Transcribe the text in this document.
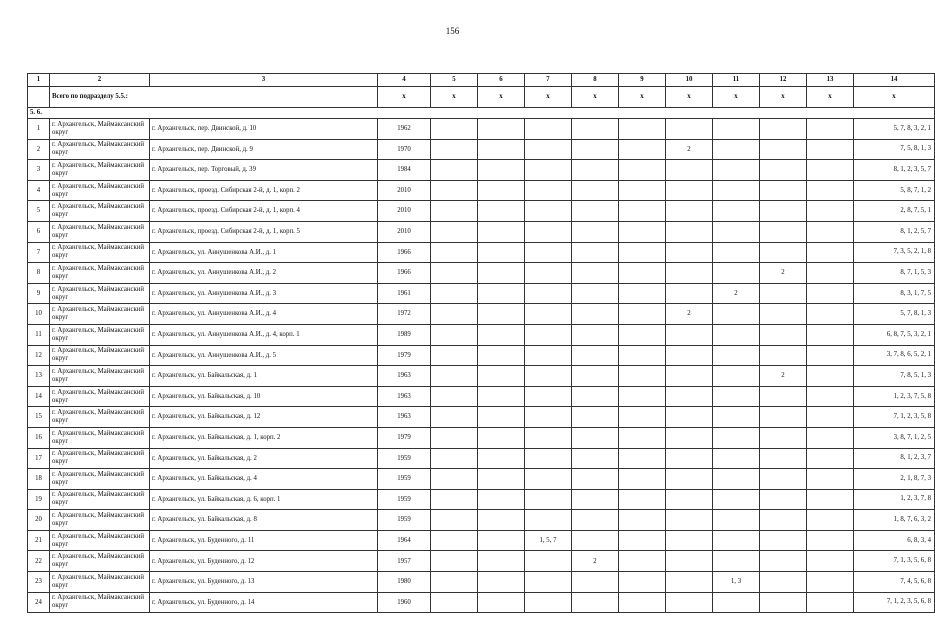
156
1	2	3	4	5	6	7	8	9	10	11	12	13	14
	Всего по подразделу 5.5.:		x	x	x	x	x	x	x	x	x	x	x
5. 6.													
1	г. Архангельск, Маймаксанский округ	г. Архангельск, пер. Двинской, д. 10	1962										5, 7, 8, 3, 2, 1
2	г. Архангельск, Маймаксанский округ	г. Архангельск, пер. Двинской, д. 9	1970						2				7, 5, 8, 1, 3
3	г. Архангельск, Маймаксанский округ	г. Архангельск, пер. Торговый, д. 39	1984										8, 1, 2, 3, 5, 7
4	г. Архангельск, Маймаксанский округ	г. Архангельск, проезд. Сибирская 2-й, д. 1, корп. 2	2010										5, 8, 7, 1, 2
5	г. Архангельск, Маймаксанский округ	г. Архангельск, проезд. Сибирская 2-й, д. 1, корп. 4	2010										2, 8, 7, 5, 1
6	г. Архангельск, Маймаксанский округ	г. Архангельск, проезд. Сибирская 2-й, д. 1, корп. 5	2010										8, 1, 2, 5, 7
7	г. Архангельск, Маймаксанский округ	г. Архангельск, ул. Аннушенкова А.И., д. 1	1966										7, 3, 5, 2, 1, 8
8	г. Архангельск, Маймаксанский округ	г. Архангельск, ул. Аннушенкова А.И., д. 2	1966								2		8, 7, 1, 5, 3
9	г. Архангельск, Маймаксанский округ	г. Архангельск, ул. Аннушенкова А.И., д. 3	1961							2			8, 3, 1, 7, 5
10	г. Архангельск, Маймаксанский округ	г. Архангельск, ул. Аннушенкова А.И., д. 4	1972						2				5, 7, 8, 1, 3
11	г. Архангельск, Маймаксанский округ	г. Архангельск, ул. Аннушенкова А.И., д. 4, корп. 1	1989										6, 8, 7, 5, 3, 2, 1
12	г. Архангельск, Маймаксанский округ	г. Архангельск, ул. Аннушенкова А.И., д. 5	1979										3, 7, 8, 6, 5, 2, 1
13	г. Архангельск, Маймаксанский округ	г. Архангельск, ул. Байкальская, д. 1	1963								2		7, 8, 5, 1, 3
14	г. Архангельск, Маймаксанский округ	г. Архангельск, ул. Байкальская, д. 10	1963										1, 2, 3, 7, 5, 8
15	г. Архангельск, Маймаксанский округ	г. Архангельск, ул. Байкальская, д. 12	1963										7, 1, 2, 3, 5, 8
16	г. Архангельск, Маймаксанский округ	г. Архангельск, ул. Байкальская, д. 1, корп. 2	1979										3, 8, 7, 1, 2, 5
17	г. Архангельск, Маймаксанский округ	г. Архангельск, ул. Байкальская, д. 2	1959										8, 1, 2, 3, 7
18	г. Архангельск, Маймаксанский округ	г. Архангельск, ул. Байкальская, д. 4	1959										2, 1, 8, 7, 3
19	г. Архангельск, Маймаксанский округ	г. Архангельск, ул. Байкальская, д. 6, корп. 1	1959										1, 2, 3, 7, 8
20	г. Архангельск, Маймаксанский округ	г. Архангельск, ул. Байкальская, д. 8	1959										1, 8, 7, 6, 3, 2
21	г. Архангельск, Маймаксанский округ	г. Архангельск, ул. Буденного, д. 11	1964			1, 5, 7							6, 8, 3, 4
22	г. Архангельск, Маймаксанский округ	г. Архангельск, ул. Буденного, д. 12	1957				2						7, 1, 3, 5, 6, 8
23	г. Архангельск, Маймаксанский округ	г. Архангельск, ул. Буденного, д. 13	1980							1, 3			7, 4, 5, 6, 8
24	г. Архангельск, Маймаксанский округ	г. Архангельск, ул. Буденного, д. 14	1960										7, 1, 2, 3, 5, 6, 8
